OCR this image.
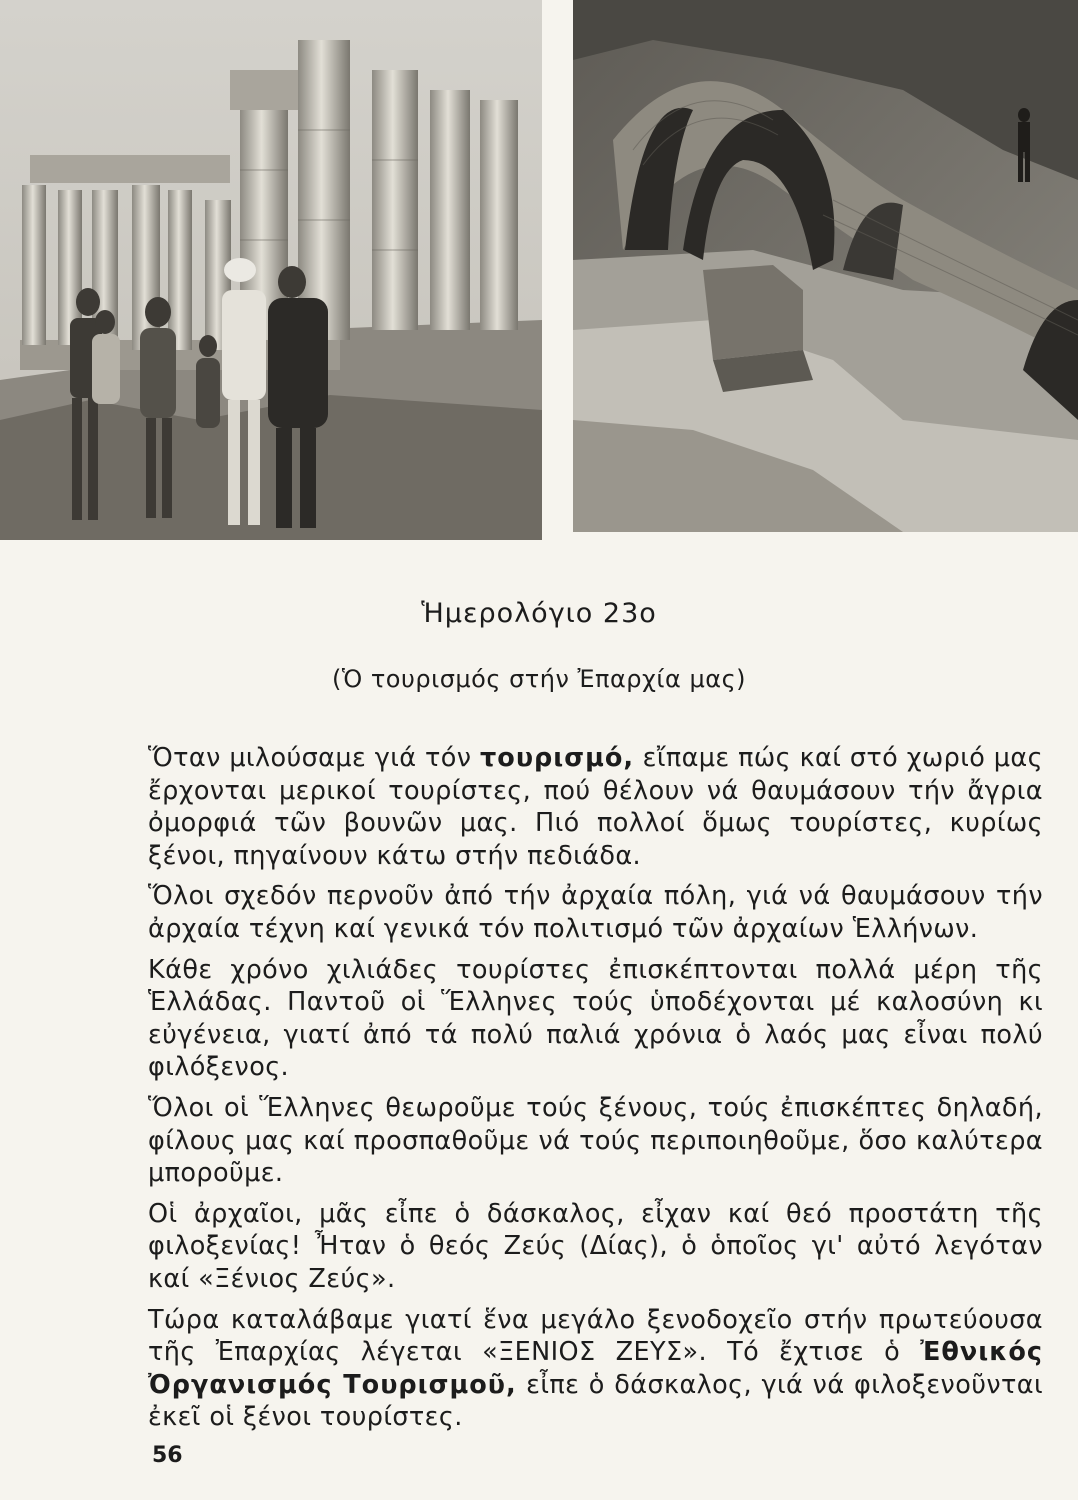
Ἡμερολόγιο 23ο
(Ὁ τουρισμός στήν Ἐπαρχία μας)

Ὅταν μιλούσαμε γιά τόν τουρισμό, εἴπαμε πώς καί στό χωριό μας ἔρχονται μερικοί τουρίστες, πού θέλουν νά θαυμάσουν τήν ἄγρια ὀμορφιά τῶν βουνῶν μας. Πιό πολλοί ὅμως τουρίστες, κυρίως ξένοι, πηγαίνουν κάτω στήν πεδιάδα.

Ὅλοι σχεδόν περνοῦν ἀπό τήν ἀρχαία πόλη, γιά νά θαυμάσουν τήν ἀρχαία τέχνη καί γενικά τόν πολιτισμό τῶν ἀρχαίων Ἑλλήνων.

Κάθε χρόνο χιλιάδες τουρίστες ἐπισκέπτονται πολλά μέρη τῆς Ἑλλάδας. Παντοῦ οἱ Ἕλληνες τούς ὑποδέχονται μέ καλοσύνη κι εὐγένεια, γιατί ἀπό τά πολύ παλιά χρόνια ὁ λαός μας εἶναι πολύ φιλόξενος.

Ὅλοι οἱ Ἕλληνες θεωροῦμε τούς ξένους, τούς ἐπισκέπτες δηλαδή, φίλους μας καί προσπαθοῦμε νά τούς περιποιηθοῦμε, ὅσο καλύτερα μποροῦμε.

Οἱ ἀρχαῖοι, μᾶς εἶπε ὁ δάσκαλος, εἶχαν καί θεό προστάτη τῆς φιλοξενίας! Ἦταν ὁ θεός Ζεύς (Δίας), ὁ ὁποῖος γι' αὐτό λεγόταν καί «Ξένιος Ζεύς».

Τώρα καταλάβαμε γιατί ἕνα μεγάλο ξενοδοχεῖο στήν πρωτεύουσα τῆς Ἐπαρχίας λέγεται «ΞΕΝΙΟΣ ΖΕΥΣ». Τό ἔχτισε ὁ Ἐθνικός Ὀργανισμός Τουρισμοῦ, εἶπε ὁ δάσκαλος, γιά νά φιλοξενοῦνται ἐκεῖ οἱ ξένοι τουρίστες.

56
